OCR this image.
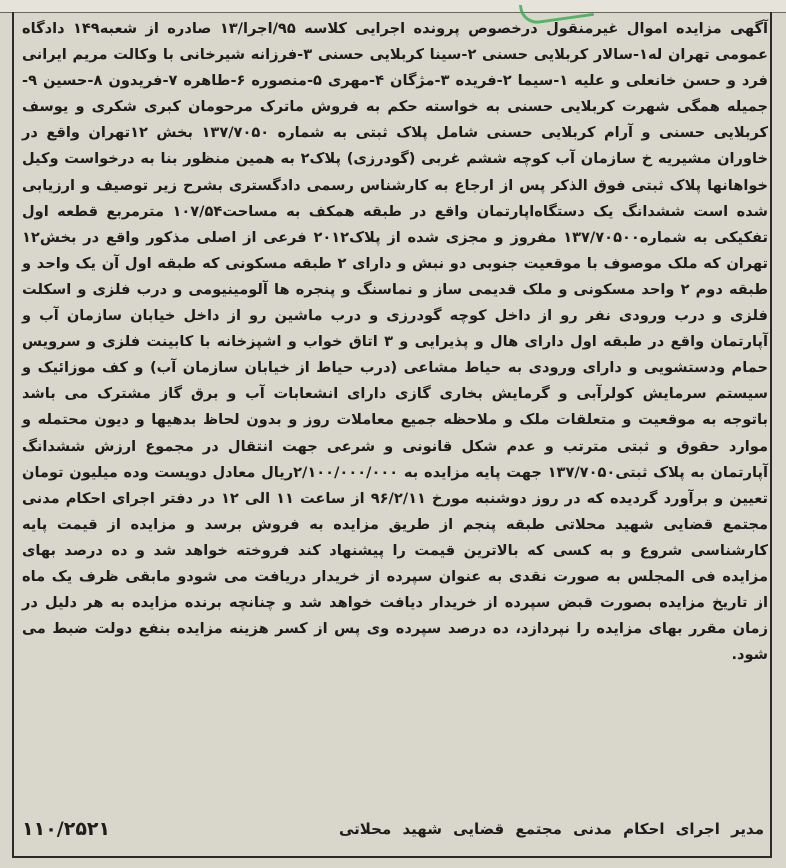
آگهی مزایده اموال غیرمنقول درخصوص پرونده اجرایی کلاسه ۹۵/اجرا/۱۳ صادره از شعبه۱۴۹ دادگاه عمومی تهران له۱-سالار کربلایی حسنی ۲-سینا کربلایی حسنی ۳-فرزانه شیرخانی با وکالت مریم ایرانی فرد و حسن خانعلی و علیه ۱-سیما ۲-فریده ۳-مژگان ۴-مهری ۵-منصوره ۶-طاهره ۷-فریدون ۸-حسین ۹-جمیله همگی شهرت کربلایی حسنی به خواسته حکم به فروش ماترک مرحومان کبری شکری و یوسف کربلایی حسنی و آرام کربلایی حسنی شامل پلاک ثبتی به شماره ۱۳۷/۷۰۵۰ بخش ۱۲تهران واقع در خاوران مشیریه خ سازمان آب کوچه ششم غربی (گودرزی) پلاک۲ به همین منظور بنا به درخواست وکیل خواهانها پلاک ثبتی فوق الذکر پس از ارجاع به کارشناس رسمی دادگستری بشرح زیر توصیف و ارزیابی شده است ششدانگ یک دستگاه‌اپارتمان واقع در طبقه همکف به مساحت۱۰۷/۵۴ مترمربع قطعه اول تفکیکی به شماره۱۳۷/۷۰۵۰۰ مفروز و مجزی شده از پلاک۲۰۱۲ فرعی از اصلی مذکور واقع در بخش۱۲ تهران که ملک موصوف با موقعیت جنوبی دو نبش و دارای ۲ طبقه مسکونی که طبقه اول آن یک واحد و طبقه دوم ۲ واحد مسکونی و ملک قدیمی ساز و نماسنگ و پنجره ها آلومینیومی و درب فلزی و اسکلت فلزی و درب ورودی نفر رو از داخل کوچه گودرزی و درب ماشین رو از داخل خیابان سازمان آب و آپارتمان واقع در طبقه اول دارای هال و پذیرایی و ۳ اتاق خواب و اشپزخانه با کابینت فلزی و سرویس حمام ودستشویی و دارای ورودی به حیاط مشاعی (درب حیاط از خیابان سازمان آب) و کف موزائیک و سیستم سرمایش کولرآبی و گرمایش بخاری گازی دارای انشعابات آب و برق گاز مشترک می باشد باتوجه به موقعیت و متعلقات ملک و ملاحظه جمیع معاملات روز و بدون لحاظ بدهیها و دیون محتمله و موارد حقوق و ثبتی مترتب و عدم شکل قانونی و شرعی جهت انتقال در مجموع ارزش ششدانگ آپارتمان به پلاک ثبتی۱۳۷/۷۰۵۰ جهت پایه مزایده به ۲/۱۰۰/۰۰۰/۰۰۰ریال معادل دویست وده میلیون تومان تعیین و برآورد گردیده که در روز دوشنبه مورخ ۹۶/۲/۱۱ از ساعت ۱۱ الی ۱۲ در دفتر اجرای احکام مدنی مجتمع قضایی شهید محلاتی طبقه پنجم از طریق مزایده به فروش برسد و مزایده از قیمت پایه کارشناسی شروع و به کسی که بالاترین قیمت را پیشنهاد کند فروخته خواهد شد و ده درصد بهای مزایده فی المجلس به صورت نقدی به عنوان سپرده از خریدار دریافت می شودو مابقی ظرف یک ماه از تاریخ مزایده بصورت قبض سپرده از خریدار دیافت خواهد شد و چنانچه برنده مزایده به هر دلیل در زمان مقرر بهای مزایده را نپردازد، ده درصد سپرده وی پس از کسر هزینه مزایده بنفع دولت ضبط می شود.

مدیر اجرای احکام مدنی مجتمع قضایی شهید محلاتی
۱۱۰/۲۵۲۱
